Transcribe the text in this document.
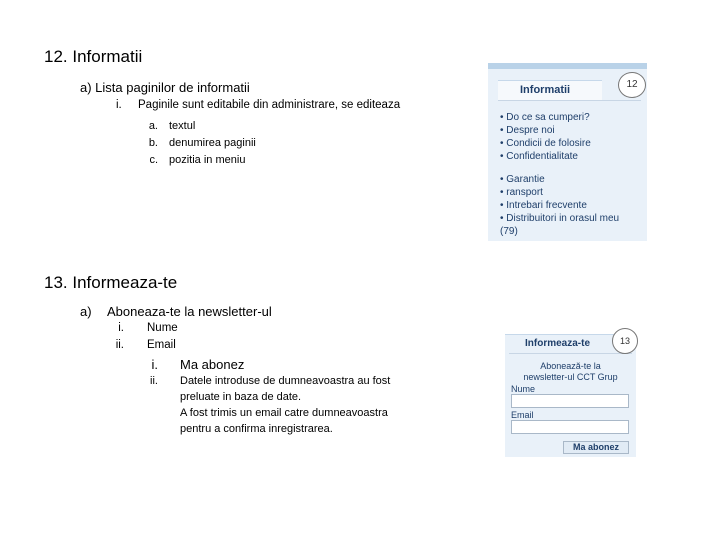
12. Informatii
a) Lista paginilor de informatii
i. Paginile sunt editabile din administrare, se editeaza
a. textul
b. denumirea paginii
c. pozitia in meniu
Informatii	12
• Do ce sa cumperi?
• Despre noi
• Condicii de folosire
• Confidentialitate
• Garantie
• ransport
• Intrebari frecvente
• Distribuitori in orasul meu
(79)
13. Informeaza-te
a) Aboneaza-te la newsletter-ul
i. Nume
ii. Email
i. Ma abonez
ii. Datele introduse de dumneavoastra au fost
preluate in baza de date.
A fost trimis un email catre dumneavoastra
pentru a confirma inregistrarea.
Informeaza-te
Abonează-te la
newsletter-ul CCT Grup
Nume
Email
Ma abonez
13
